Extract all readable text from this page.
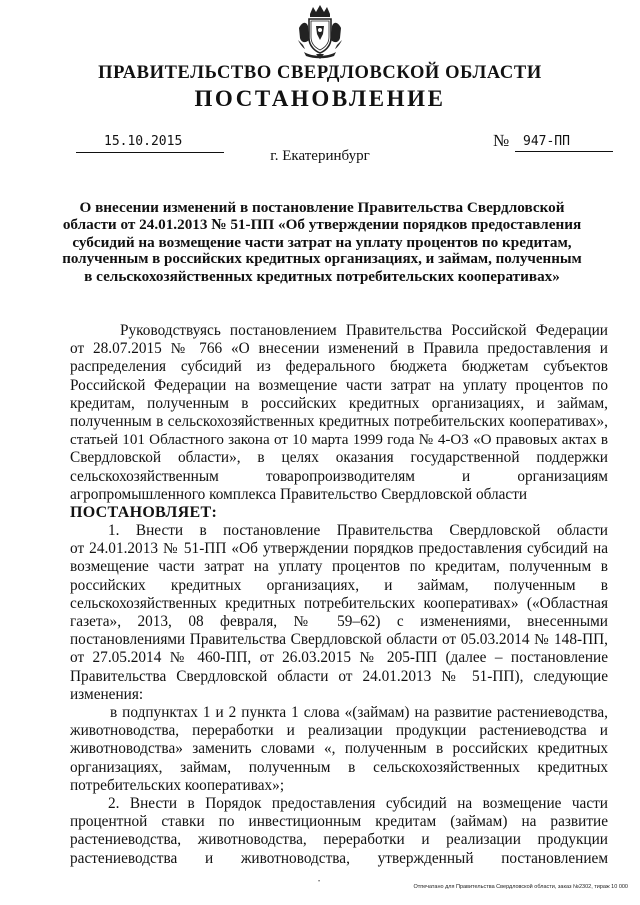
ПРАВИТЕЛЬСТВО СВЕРДЛОВСКОЙ ОБЛАСТИ
ПОСТАНОВЛЕНИЕ
15.10.2015	№ 947-ПП
г. Екатеринбург
О внесении изменений в постановление Правительства Свердловской
области от 24.01.2013 № 51-ПП «Об утверждении порядков предоставления
субсидий на возмещение части затрат на уплату процентов по кредитам,
полученным в российских кредитных организациях, и займам, полученным
в сельскохозяйственных кредитных потребительских кооперативах»
Руководствуясь постановлением Правительства Российской Федерации
от 28.07.2015 № 766 «О внесении изменений в Правила предоставления и
распределения субсидий из федерального бюджета бюджетам субъектов
Российской Федерации на возмещение части затрат на уплату процентов по
кредитам, полученным в российских кредитных организациях, и займам,
полученным в сельскохозяйственных кредитных потребительских кооперативах»,
статьей 101 Областного закона от 10 марта 1999 года № 4-ОЗ «О правовых актах в
Свердловской области», в целях оказания государственной поддержки
сельскохозяйственным товаропроизводителям и организациям
агропромышленного комплекса Правительство Свердловской области
ПОСТАНОВЛЯЕТ:
1. Внести в постановление Правительства Свердловской области
от 24.01.2013 № 51-ПП «Об утверждении порядков предоставления субсидий на
возмещение части затрат на уплату процентов по кредитам, полученным в
российских кредитных организациях, и займам, полученным в
сельскохозяйственных кредитных потребительских кооперативах» («Областная
газета», 2013, 08 февраля, № 59–62) с изменениями, внесенными
постановлениями Правительства Свердловской области от 05.03.2014 № 148-ПП,
от 27.05.2014 № 460-ПП, от 26.03.2015 № 205-ПП (далее – постановление
Правительства Свердловской области от 24.01.2013 № 51-ПП), следующие
изменения:
в подпунктах 1 и 2 пункта 1 слова «(займам) на развитие растениеводства,
животноводства, переработки и реализации продукции растениеводства и
животноводства» заменить словами «, полученным в российских кредитных
организациях, займам, полученным в сельскохозяйственных кредитных
потребительских кооперативах»;
2. Внести в Порядок предоставления субсидий на возмещение части
процентной ставки по инвестиционным кредитам (займам) на развитие
растениеводства, животноводства, переработки и реализации продукции
растениеводства и животноводства, утвержденный постановлением
•
Отпечатано для Правительства Свердловской области, заказ №2302, тираж 10 000
